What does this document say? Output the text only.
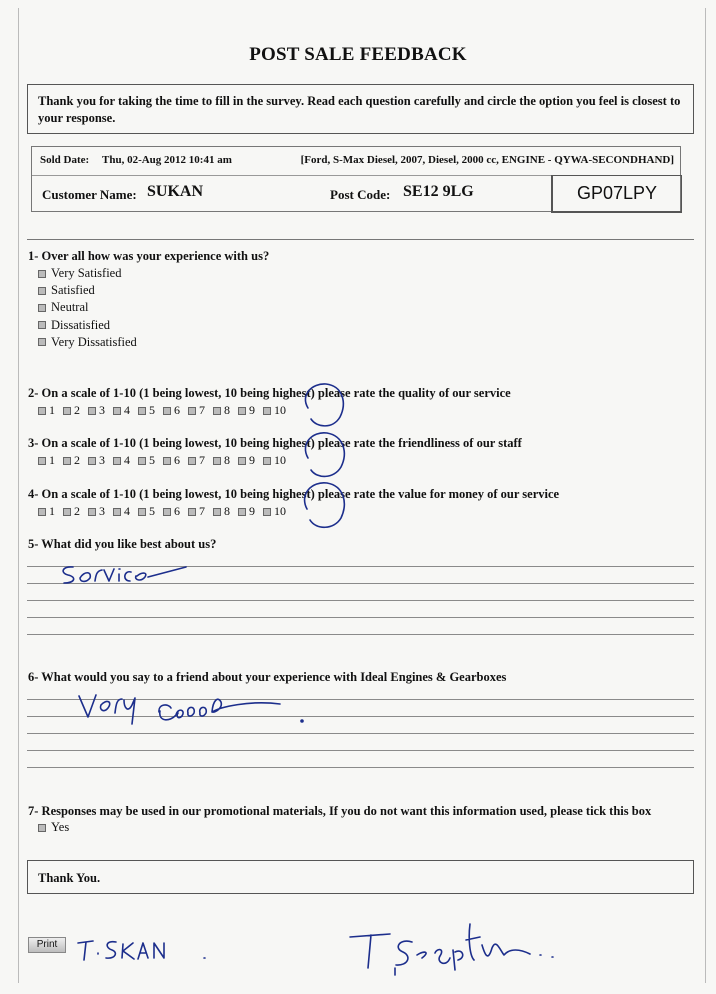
POST SALE FEEDBACK
Thank you for taking the time to fill in the survey. Read each question carefully and circle the option you feel is closest to your response.
Sold Date: Thu, 02-Aug 2012 10:41 am	[Ford, S-Max Diesel, 2007, Diesel, 2000 cc, ENGINE - QYWA-SECONDHAND]
Customer Name: SUKAN	Post Code: SE12 9LG	GP07LPY
1- Over all how was your experience with us?
Very Satisfied
Satisfied
Neutral
Dissatisfied
Very Dissatisfied
2- On a scale of 1-10 (1 being lowest, 10 being highest) please rate the quality of our service
1 2 3 4 5 6 7 8 9 10
3- On a scale of 1-10 (1 being lowest, 10 being highest) please rate the friendliness of our staff
1 2 3 4 5 6 7 8 9 10
4- On a scale of 1-10 (1 being lowest, 10 being highest) please rate the value for money of our service
1 2 3 4 5 6 7 8 9 10
5- What did you like best about us?
6- What would you say to a friend about your experience with Ideal Engines & Gearboxes
7- Responses may be used in our promotional materials, If you do not want this information used, please tick this box
Yes
Thank You.
Print
